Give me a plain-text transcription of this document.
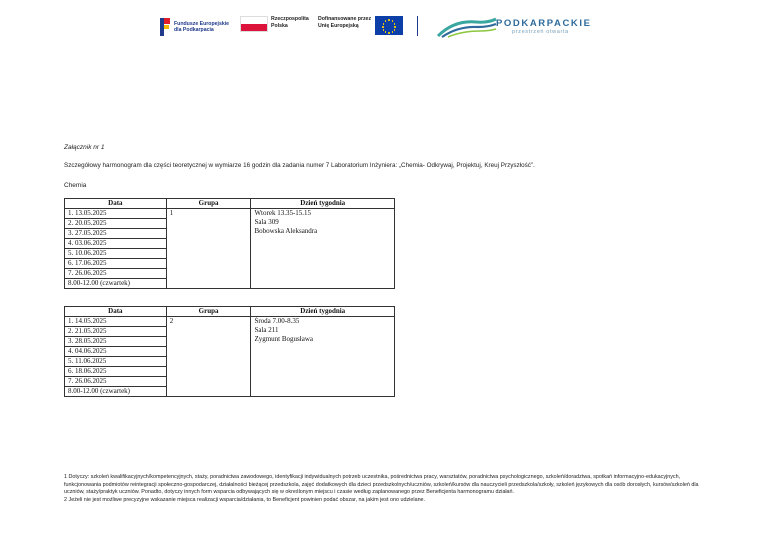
Fundusze Europejskie
dla Podkarpacia
Rzeczpospolita
Polska
Dofinansowane przez
Unię Europejską	PODKARPACKIE
przestrzeń otwarta
Załącznik nr 1
Szczegółowy harmonogram dla części teoretycznej w wymiarze 16 godzin dla zadania numer 7 Laboratorium Inżyniera: „Chemia- Odkrywaj, Projektuj, Kreuj Przyszłość”.
Chemia
Data	Grupa	Dzień tygodnia
1. 13.05.2025	1	Wtorek 13.35-15.15
Sala 309
Bobowska Aleksandra

2. 20.05.2025		
3. 27.05.2025		
4. 03.06.2025		
5. 10.06.2025		
6. 17.06.2025		
7. 26.06.2025		
8.00-12.00 (czwartek)		
Data	Grupa	Dzień tygodnia
1. 14.05.2025	2	Środa 7.00-8.35
Sala 211
Zygmunt Bogusława

2. 21.05.2025		
3. 28.05.2025		
4. 04.06.2025		
5. 11.06.2025		
6. 18.06.2025		
7. 26.06.2025		
8.00-12.00 (czwartek)		
1 Dotyczy: szkoleń kwalifikacyjnych/kompetencyjnych, staży, poradnictwa zawodowego, identyfikacji indywidualnych potrzeb uczestnika, pośrednictwa pracy, warsztatów, poradnictwa psychologicznego, szkoleń/doradztwa, spotkań informacyjno-edukacyjnych, funkcjonowania podmiotów reintegracji społeczno-gospodarczej, działalności bieżącej przedszkola, zajęć dodatkowych dla dzieci przedszkolnych/uczniów, szkoleń/kursów dla nauczycieli przedszkola/szkoły, szkoleń językowych dla osób dorosłych, kursów/szkoleń dla uczniów, staży/praktyk uczniów. Ponadto, dotyczy innych form wsparcia odbywających się w określonym miejscu i czasie według zaplanowanego przez Beneficjenta harmonogramu działań.
2 Jeżeli nie jest możliwe precyzyjne wskazanie miejsca realizacji wsparcia/działania, to Beneficjent powinien podać obszar, na jakim jest ono udzielane.
